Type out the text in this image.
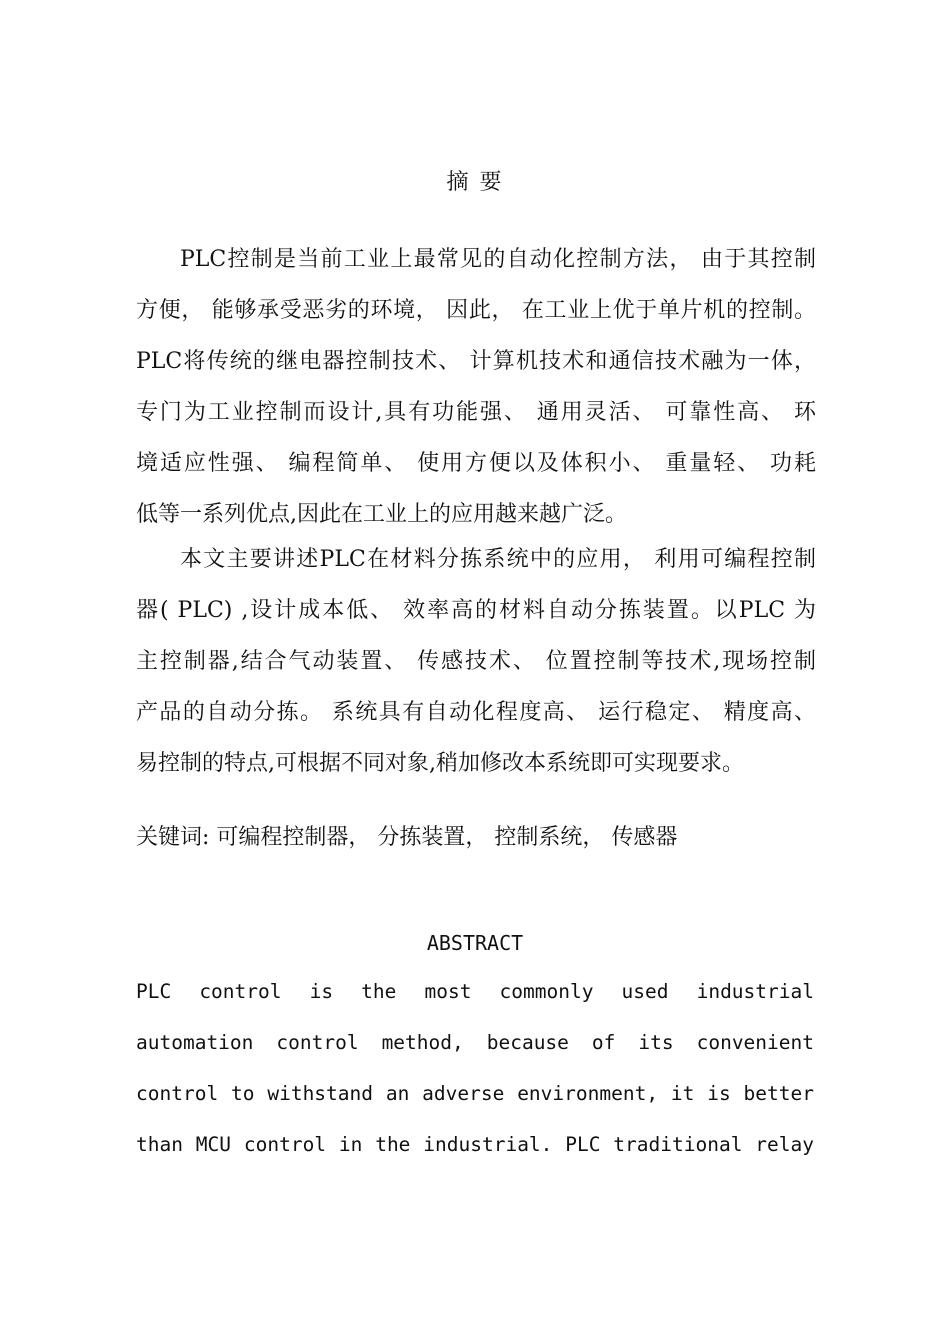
摘 要
PLC控制是当前工业上最常见的自动化控制方法， 由于其控制
方便， 能够承受恶劣的环境， 因此， 在工业上优于单片机的控制。
PLC将传统的继电器控制技术、 计算机技术和通信技术融为一体，
专门为工业控制而设计,具有功能强、 通用灵活、 可靠性高、 环
境适应性强、 编程简单、 使用方便以及体积小、 重量轻、 功耗
低等一系列优点,因此在工业上的应用越来越广泛。
本文主要讲述PLC在材料分拣系统中的应用， 利用可编程控制
器( PLC) ,设计成本低、 效率高的材料自动分拣装置。以PLC 为
主控制器,结合气动装置、 传感技术、 位置控制等技术,现场控制
产品的自动分拣。 系统具有自动化程度高、 运行稳定、 精度高、
易控制的特点,可根据不同对象,稍加修改本系统即可实现要求。
关键词: 可编程控制器， 分拣装置， 控制系统， 传感器
ABSTRACT
PLC control is the most commonly used industrial
automation control method, because of its convenient
control to withstand an adverse environment, it is better
than MCU control in the industrial. PLC traditional relay
